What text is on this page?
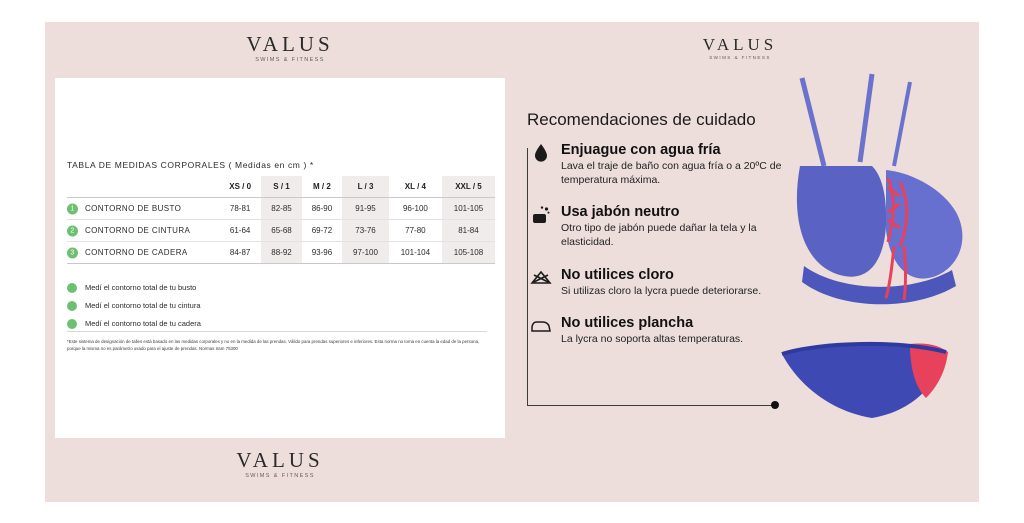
VALUS
SWIMS & FITNESS
VALUS
SWIMS & FITNESS
VALUS
SWIMS & FITNESS
TABLA DE MEDIDAS CORPORALES ( Medidas en cm ) *
	XS / 0	S / 1	M / 2	L / 3	XL / 4	XXL / 5

1 CONTORNO DE BUSTO	78-81	82-85	86-90	91-95	96-100	101-105

2 CONTORNO DE CINTURA	61-64	65-68	69-72	73-76	77-80	81-84

3 CONTORNO DE CADERA	84-87	88-92	93-96	97-100	101-104	105-108
Medí el contorno total de tu busto
Medí el contorno total de tu cintura
Medí el contorno total de tu cadera
*Este sistema de designación de talles está basado en las medidas corporales y no en la medida de las prendas. Válido para prendas superiores e inferiores. Esta norma no toma en cuenta la edad de la persona, porque la misma no es parámetro usado para el ajuste de prendas. Normas Iram 75300
Recomendaciones de cuidado
Enjuague con agua fría

Lava el traje de baño con agua fría o a 20ºC de temperatura máxima.

Usa jabón neutro

Otro tipo de jabón puede dañar la tela y la elasticidad.

No utilices cloro

Si utilizas cloro la lycra puede deteriorarse.

No utilices plancha

La lycra no soporta altas temperaturas.
